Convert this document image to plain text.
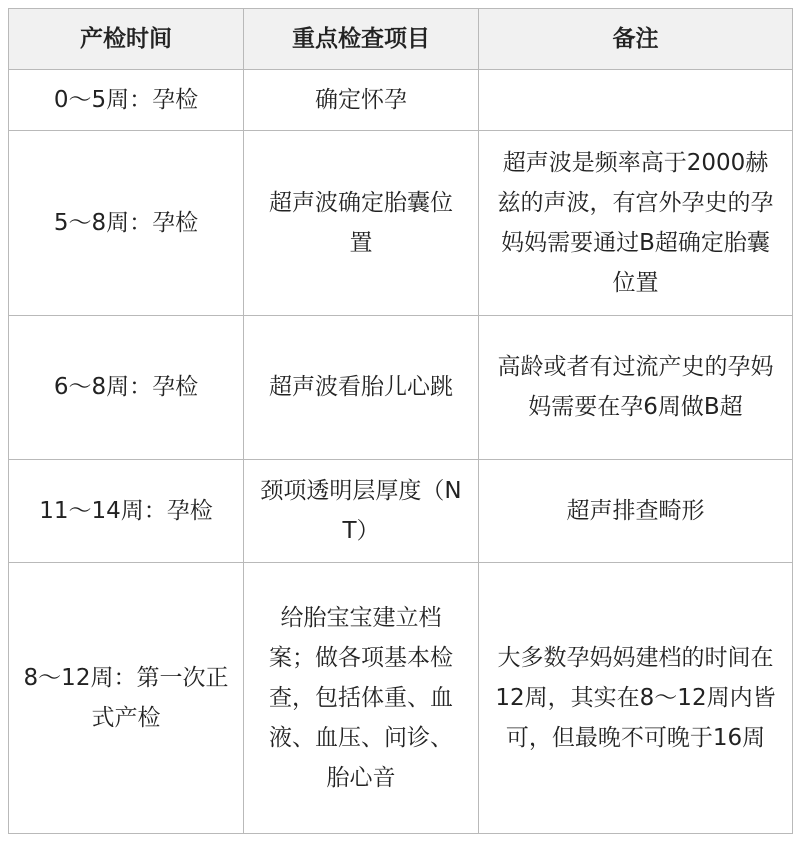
产检时间	重点检查项目	备注
0～5周：孕检	确定怀孕	
5～8周：孕检	超声波确定胎囊位置	超声波是频率高于2000赫兹的声波，有宫外孕史的孕妈妈需要通过B超确定胎囊位置
6～8周：孕检	超声波看胎儿心跳	高龄或者有过流产史的孕妈妈需要在孕6周做B超
11～14周：孕检	颈项透明层厚度（NT）	超声排查畸形
8～12周：第一次正式产检	给胎宝宝建立档案；做各项基本检查，包括体重、血液、血压、问诊、胎心音	大多数孕妈妈建档的时间在12周，其实在8～12周内皆可，但最晚不可晚于16周
